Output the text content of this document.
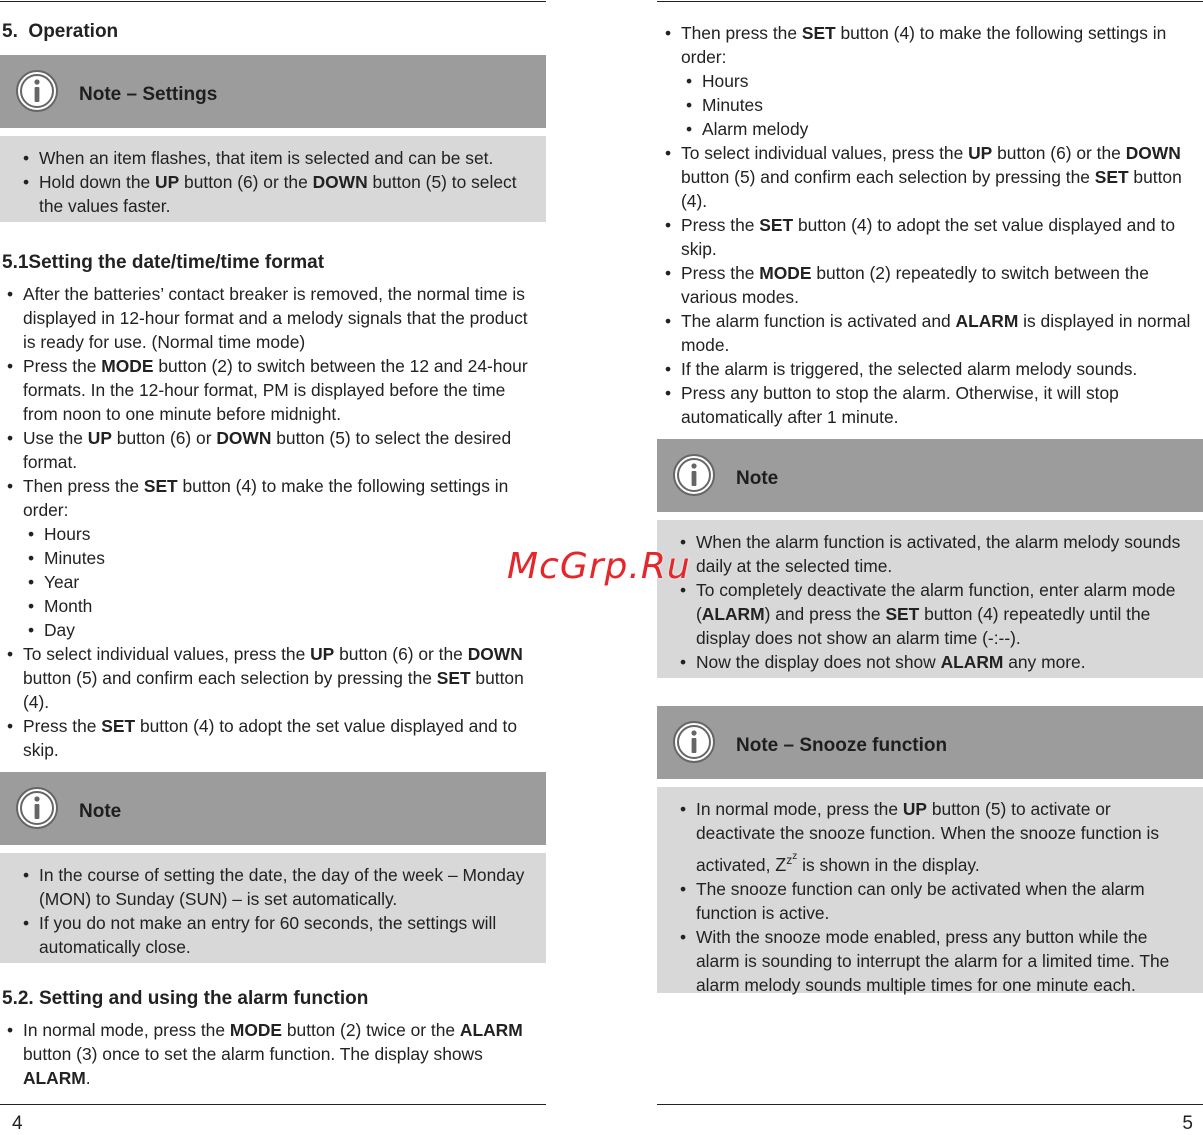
5. Operation
Note – Settings
• When an item flashes, that item is selected and can be set.
• Hold down the UP button (6) or the DOWN button (5) to select the values faster.
5.1Setting the date/time/time format
• After the batteries’ contact breaker is removed, the normal time is displayed in 12-hour format and a melody signals that the product is ready for use. (Normal time mode)
• Press the MODE button (2) to switch between the 12 and 24-hour formats. In the 12-hour format, PM is displayed before the time from noon to one minute before midnight.
• Use the UP button (6) or DOWN button (5) to select the desired format.
• Then press the SET button (4) to make the following settings in order:
• Hours
• Minutes
• Year
• Month
• Day
• To select individual values, press the UP button (6) or the DOWN button (5) and confirm each selection by pressing the SET button (4).
• Press the SET button (4) to adopt the set value displayed and to skip.
Note
• In the course of setting the date, the day of the week – Monday (MON) to Sunday (SUN) – is set automatically.
• If you do not make an entry for 60 seconds, the settings will automatically close.
5.2. Setting and using the alarm function
• In normal mode, press the MODE button (2) twice or the ALARM button (3) once to set the alarm function. The display shows ALARM.
4
• Then press the SET button (4) to make the following settings in order:
• Hours
• Minutes
• Alarm melody
• To select individual values, press the UP button (6) or the DOWN button (5) and confirm each selection by pressing the SET button (4).
• Press the SET button (4) to adopt the set value displayed and to skip.
• Press the MODE button (2) repeatedly to switch between the various modes.
• The alarm function is activated and ALARM is displayed in normal mode.
• If the alarm is triggered, the selected alarm melody sounds.
• Press any button to stop the alarm. Otherwise, it will stop automatically after 1 minute.
Note
• When the alarm function is activated, the alarm melody sounds daily at the selected time.
• To completely deactivate the alarm function, enter alarm mode (ALARM) and press the SET button (4) repeatedly until the display does not show an alarm time (-:--).
• Now the display does not show ALARM any more.
Note – Snooze function
• In normal mode, press the UP button (5) to activate or deactivate the snooze function. When the snooze function is activated, $Z^{z^z}$ is shown in the display.
• The snooze function can only be activated when the alarm function is active.
• With the snooze mode enabled, press any button while the alarm is sounding to interrupt the alarm for a limited time. The alarm melody sounds multiple times for one minute each.
5
McGrp.Ru
